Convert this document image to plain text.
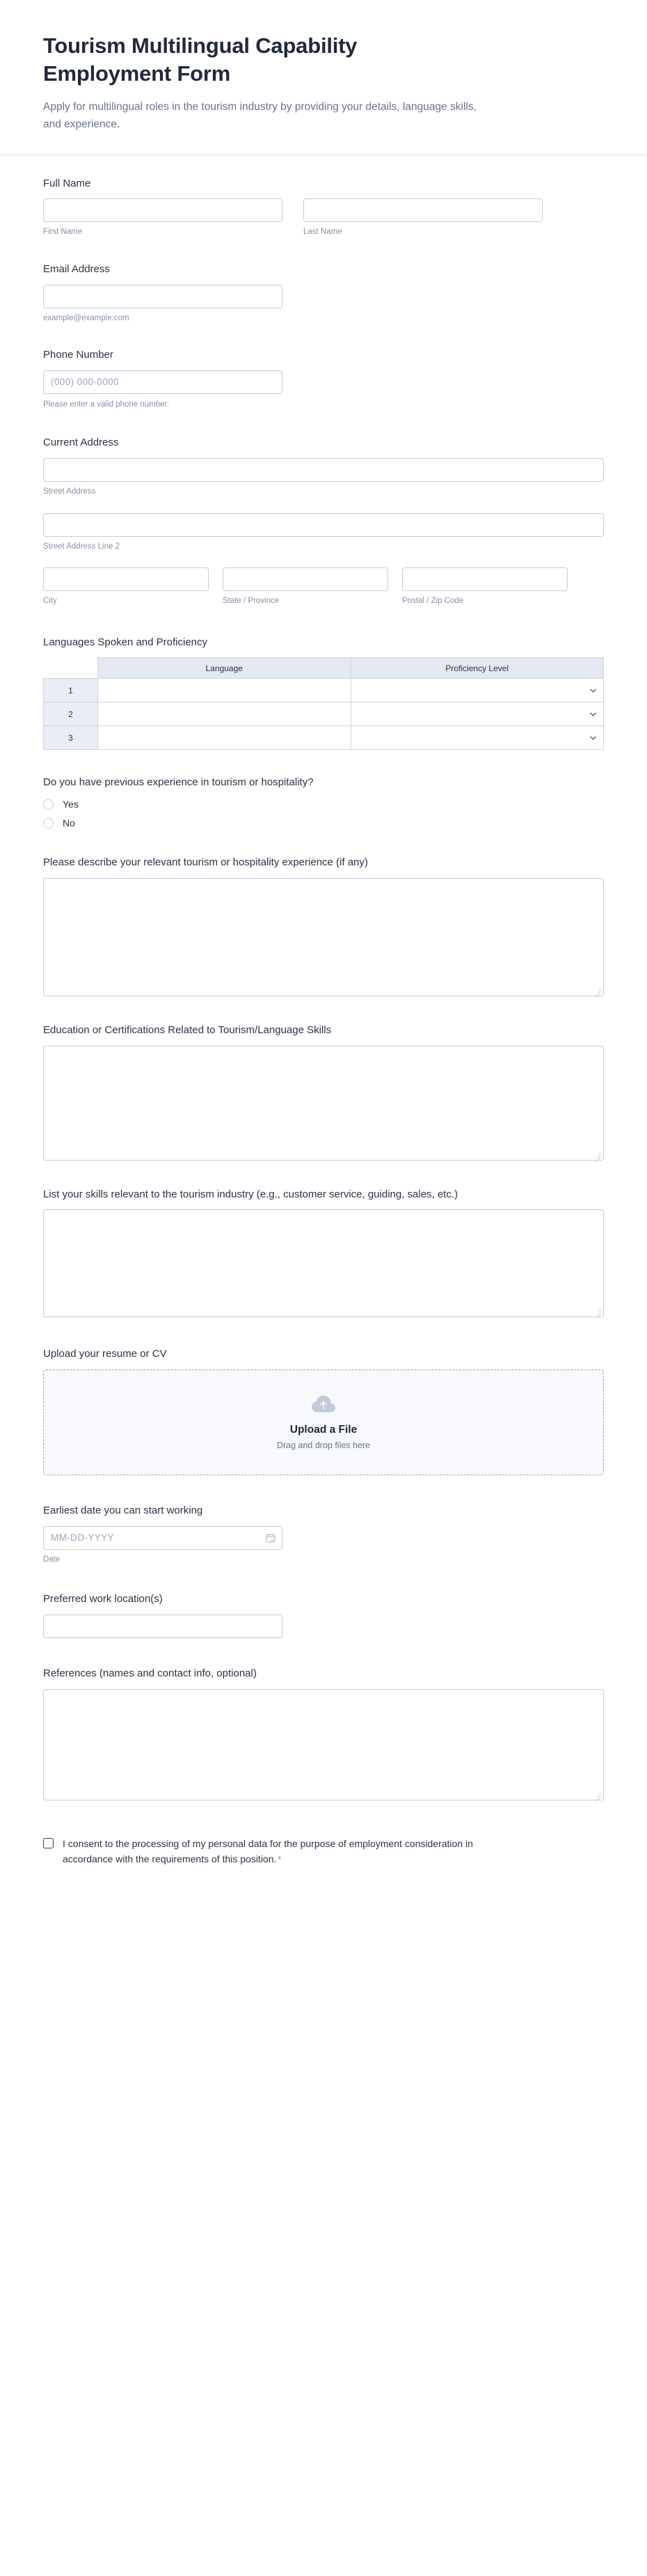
Tourism Multilingual Capability Employment Form

Apply for multilingual roles in the tourism industry by providing your details, language skills, and experience.

Full Name
First Name	Last Name
Email Address
example@example.com
Phone Number
(000) 000-0000
Please enter a valid phone number.
Current Address
Street Address
Street Address Line 2
City	State / Province	Postal / Zip Code
Languages Spoken and Proficiency
	Language	Proficiency Level
1		

2		

3		
Do you have previous experience in tourism or hospitality?
Yes
No
Please describe your relevant tourism or hospitality experience (if any)
Education or Certifications Related to Tourism/Language Skills
List your skills relevant to the tourism industry (e.g., customer service, guiding, sales, etc.)
Upload your resume or CV
Upload a File
Drag and drop files here
Earliest date you can start working
MM-DD-YYYY
Date
Preferred work location(s)
References (names and contact info, optional)
I consent to the processing of my personal data for the purpose of employment consideration in accordance with the requirements of this position. *
